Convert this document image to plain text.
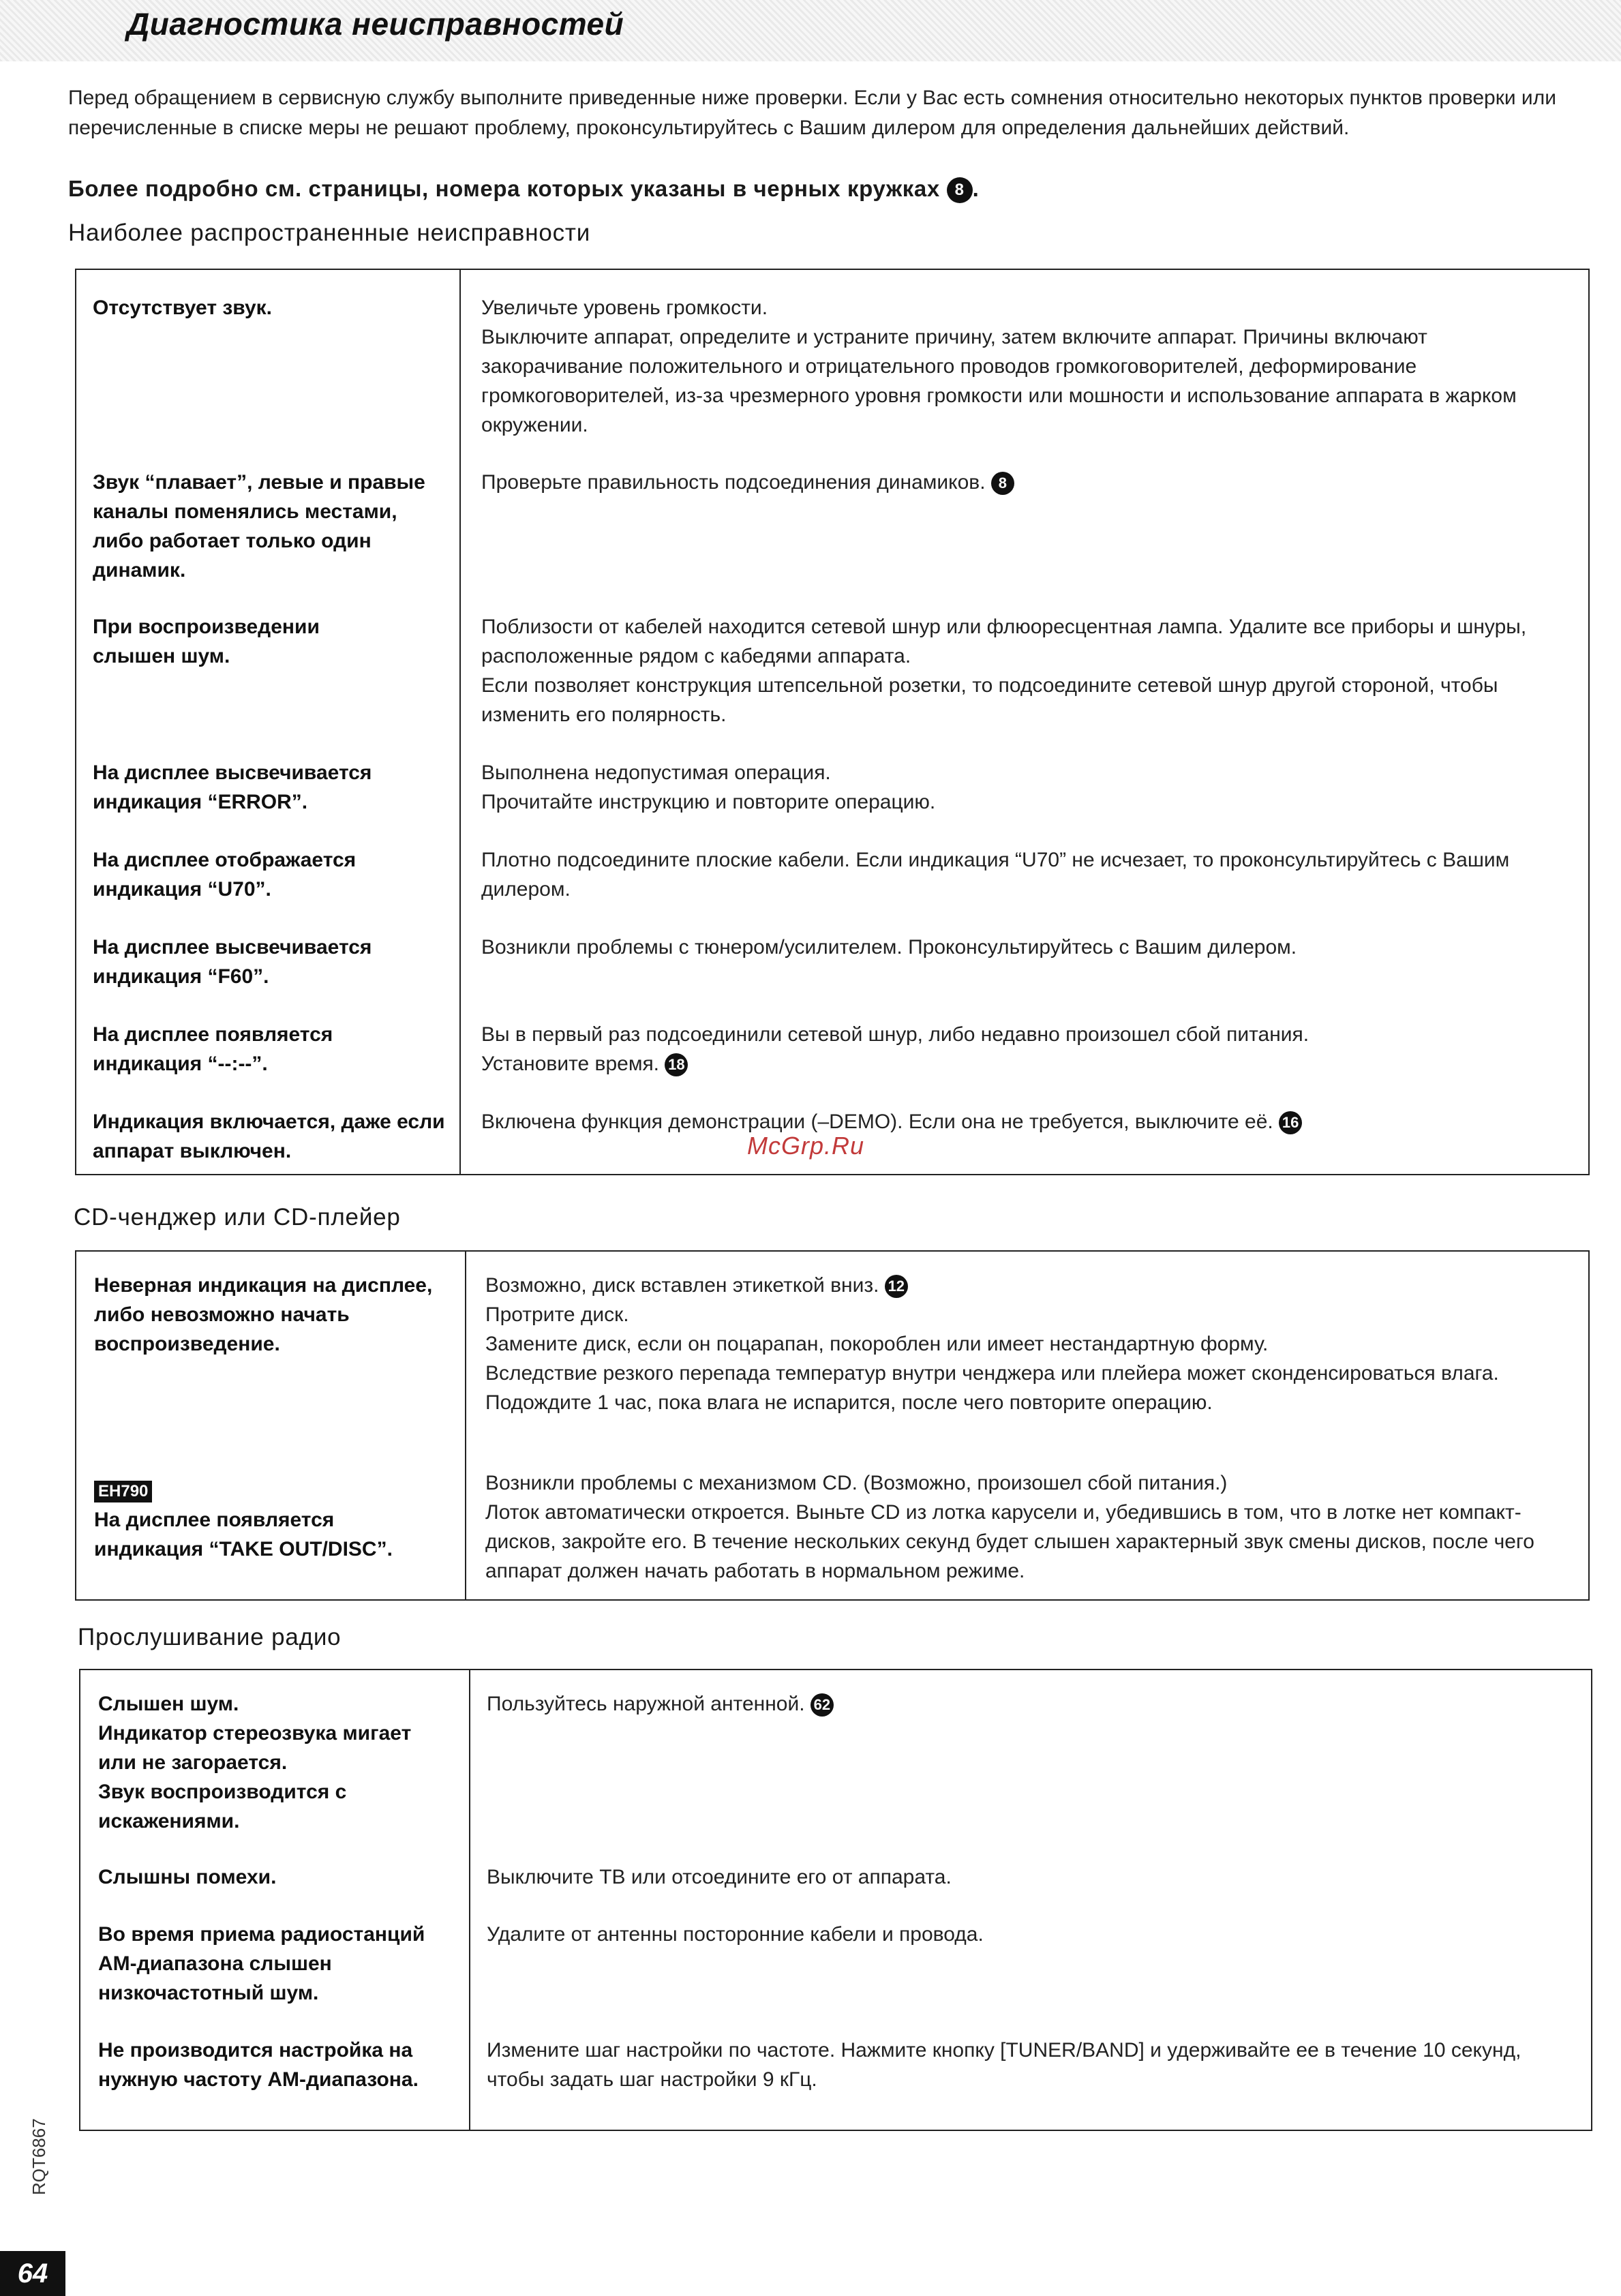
Диагностика неисправностей

Перед обращением в сервисную службу выполните приведенные ниже проверки. Если у Вас есть сомнения относительно некоторых пунктов проверки или перечисленные в списке меры не решают проблему, проконсультируйтесь с Вашим дилером для определения дальнейших действий.

Более подробно см. страницы, номера которых указаны в черных кружках 8 .

Наиболее распространенные неисправности

Отсутствует звук.	Увеличьте уровень громкости.
Выключите аппарат, определите и устраните причину, затем включите аппарат. Причины включают закорачивание положительного и отрицательного проводов громкоговорителей, деформирование громкоговорителей, из-за чрезмерного уровня громкости или мошности и использование аппарата в жарком окружении.

Звук “плавает”, левые и правые каналы поменялись местами, либо работает только один динамик.

Проверьте правильность подсоединения динамиков. 8

При воспроизведении слышен шум.

Поблизости от кабелей находится сетевой шнур или флюоресцентная лампа. Удалите все приборы и шнуры, расположенные рядом с кабедями аппарата.
Если позволяет конструкция штепсельной розетки, то подсоедините сетевой шнур другой стороной, чтобы изменить его полярность.

На дисплее высвечивается индикация “ERROR”.

Выполнена недопустимая операция.
Прочитайте инструкцию и повторите операцию.

На дисплее отображается индикация “U70”.

Плотно подсоедините плоские кабели. Если индикация “U70” не исчезает, то проконсультируйтесь с Вашим дилером.

На дисплее высвечивается индикация “F60”.

Возникли проблемы с тюнером/усилителем. Проконсультируйтесь с Вашим дилером.

На дисплее появляется индикация “--:--”.

Вы в первый раз подсоединили сетевой шнур, либо недавно произошел сбой питания.
Установите время. 18

Индикация включается, даже если аппарат выключен.

Включена функция демонстрации (–DEMO). Если она не требуется, выключите её. 16

McGrp.Ru
CD-ченджер или CD-плейер

Неверная индикация на дисплее, либо невозможно начать воспроизведение.

Возможно, диск вставлен этикеткой вниз. 12
Протрите диск.
Замените диск, если он поцарапан, покороблен или имеет нестандартную форму.
Вследствие резкого перепада температур внутри ченджера или плейера может сконденсироваться влага.
Подождите 1 час, пока влага не испарится, после чего повторите операцию.
EH790
На дисплее появляется индикация “TAKE OUT/DISC”.

Возникли проблемы с механизмом CD. (Возможно, произошел сбой питания.)
Лоток автоматически откроется. Выньте CD из лотка карусели и, убедившись в том, что в лотке нет компакт-дисков, закройте его. В течение нескольких секунд будет слышен характерный звук смены дисков, после чего аппарат должен начать работать в нормальном режиме.

Прослушивание радио

Слышен шум.
Индикатор стереозвука мигает или не загорается.
Звук воспроизводится с искажениями.

Пользуйтесь наружной антенной. 62

Слышны помехи.	Выключите ТВ или отсоедините его от аппарата.

Во время приема радиостанций АМ-диапазона слышен низкочастотный шум.

Удалите от антенны посторонние кабели и провода.

Не производится настройка на нужную частоту АМ-диапазона.

Измените шаг настройки по частоте. Нажмите кнопку [TUNER/BAND] и удерживайте ее в течение 10 секунд, чтобы задать шаг настройки 9 кГц.

RQT6867
64
